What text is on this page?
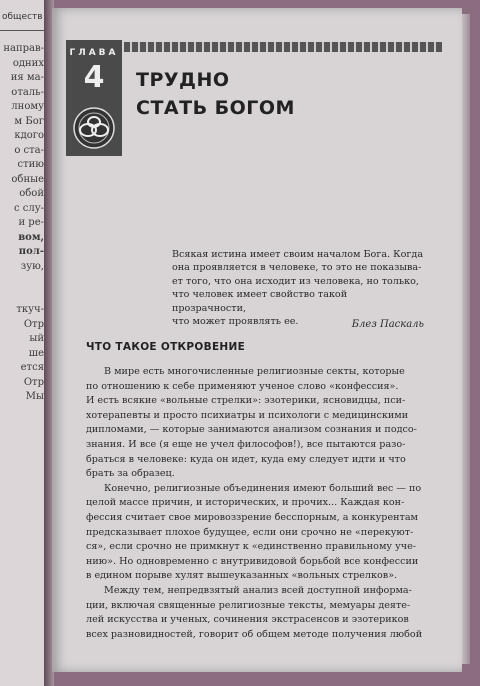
обществ
направ-
одних
ия ма-
оталь-
лному
м Бог
кдого
о ста-
стию
обные
обой
с слу-
и ре-
вом,
пол-
зую,

ткуч-
Отр
ый
ше
ется
Отр
Мы
ГЛАВА
4	ТРУДНО
СТАТЬ БОГОМ
Всякая истина имеет своим началом Бога. Когда
она проявляется в человеке, то это не показыва-
ет того, что она исходит из человека, но только,
что человек имеет свойство такой прозрачности,
что может проявлять ее.	Блез Паскаль
ЧТО ТАКОЕ ОТКРОВЕНИЕ
В мире есть многочисленные религиозные секты, которые
по отношению к себе применяют ученое слово «конфессия».
И есть всякие «вольные стрелки»: эзотерики, ясновидцы, пси-
хотерапевты и просто психиатры и психологи с медицинскими
дипломами, — которые занимаются анализом сознания и подсо-
знания. И все (я еще не учел философов!), все пытаются разо-
браться в человеке: куда он идет, куда ему следует идти и что
брать за образец.
Конечно, религиозные объединения имеют больший вес — по
целой массе причин, и исторических, и прочих... Каждая кон-
фессия считает свое мировоззрение бесспорным, а конкурентам
предсказывает плохое будущее, если они срочно не «перекуют-
ся», если срочно не примкнут к «единственно правильному уче-
нию». Но одновременно с внутривидовой борьбой все конфессии
в едином порыве хулят вышеуказанных «вольных стрелков».
Между тем, непредвзятый анализ всей доступной информа-
ции, включая священные религиозные тексты, мемуары деяте-
лей искусства и ученых, сочинения экстрасенсов и эзотериков
всех разновидностей, говорит об общем методе получения любой
